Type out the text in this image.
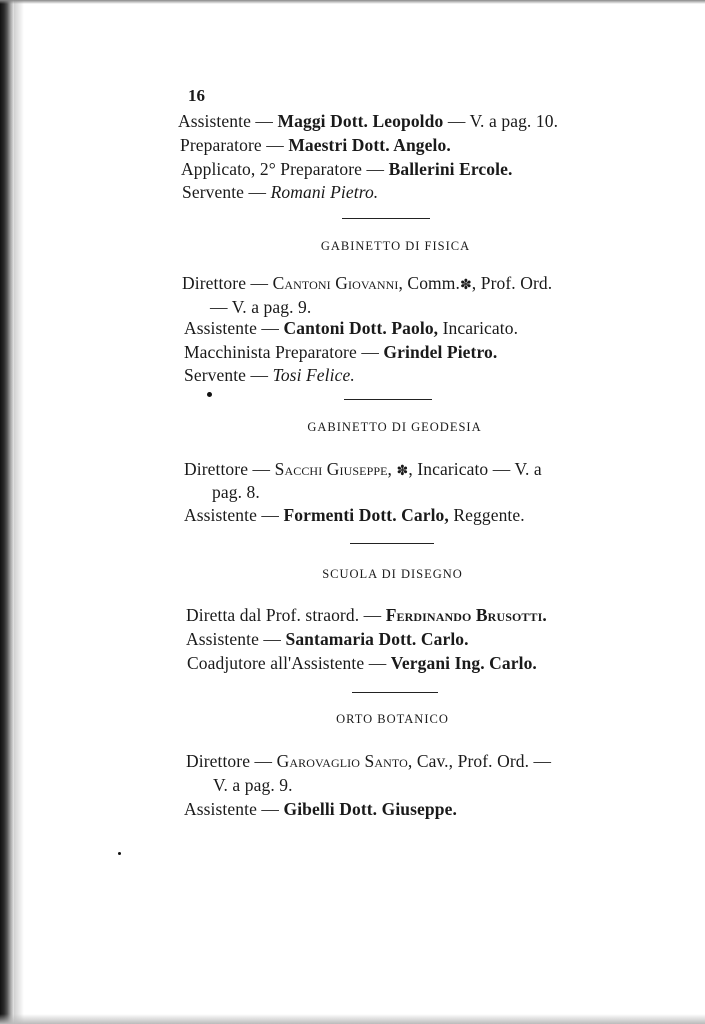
16
Assistente — Maggi Dott. Leopoldo — V. a pag. 10.
Preparatore — Maestri Dott. Angelo.
Applicato, 2° Preparatore — Ballerini Ercole.
Servente — Romani Pietro.
GABINETTO DI FISICA
Direttore — Cantoni Giovanni, Comm.✽, Prof. Ord.
— V. a pag. 9.
Assistente — Cantoni Dott. Paolo, Incaricato.
Macchinista Preparatore — Grindel Pietro.
Servente — Tosi Felice.
GABINETTO DI GEODESIA
Direttore — Sacchi Giuseppe, ✽, Incaricato — V. a
pag. 8.
Assistente — Formenti Dott. Carlo, Reggente.
SCUOLA DI DISEGNO
Diretta dal Prof. straord. — Ferdinando Brusotti.
Assistente — Santamaria Dott. Carlo.
Coadjutore all'Assistente — Vergani Ing. Carlo.
ORTO BOTANICO
Direttore — Garovaglio Santo, Cav., Prof. Ord. —
V. a pag. 9.
Assistente — Gibelli Dott. Giuseppe.
